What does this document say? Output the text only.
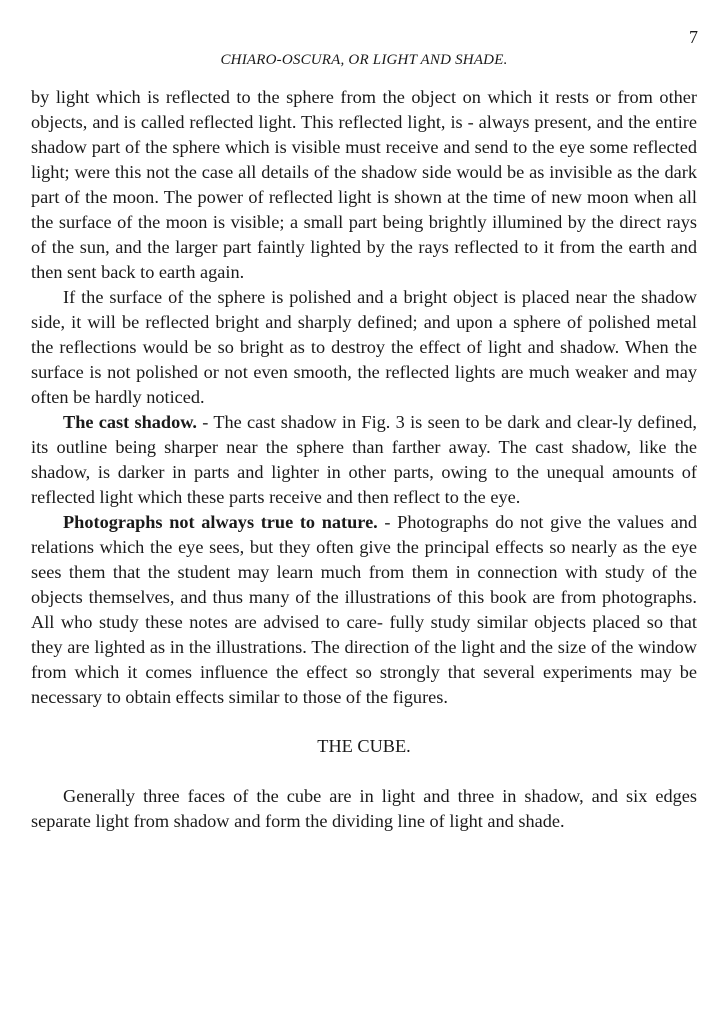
7
CHIARO-OSCURA, OR LIGHT AND SHADE.

by light which is reflected to the sphere from the object on which it rests or from other objects, and is called reflected light. This reflected light, is - always present, and the entire shadow part of the sphere which is visible must receive and send to the eye some reflected light; were this not the case all details of the shadow side would be as invisible as the dark part of the moon. The power of reflected light is shown at the time of new moon when all the surface of the moon is visible; a small part being brightly illumined by the direct rays of the sun, and the larger part faintly lighted by the rays reflected to it from the earth and then sent back to earth again.

If the surface of the sphere is polished and a bright object is placed near the shadow side, it will be reflected bright and sharply defined; and upon a sphere of polished metal the reflections would be so bright as to destroy the effect of light and shadow. When the surface is not polished or not even smooth, the reflected lights are much weaker and may often be hardly noticed.

The cast shadow. - The cast shadow in Fig. 3 is seen to be dark and clear-ly defined, its outline being sharper near the sphere than farther away. The cast shadow, like the shadow, is darker in parts and lighter in other parts, owing to the unequal amounts of reflected light which these parts receive and then reflect to the eye.

Photographs not always true to nature. - Photographs do not give the values and relations which the eye sees, but they often give the principal effects so nearly as the eye sees them that the student may learn much from them in connection with study of the objects themselves, and thus many of the illustrations of this book are from photographs. All who study these notes are advised to care- fully study similar objects placed so that they are lighted as in the illustrations. The direction of the light and the size of the window from which it comes influence the effect so strongly that several experiments may be necessary to obtain effects similar to those of the figures.

THE CUBE.

Generally three faces of the cube are in light and three in shadow, and six edges separate light from shadow and form the dividing line of light and shade.
